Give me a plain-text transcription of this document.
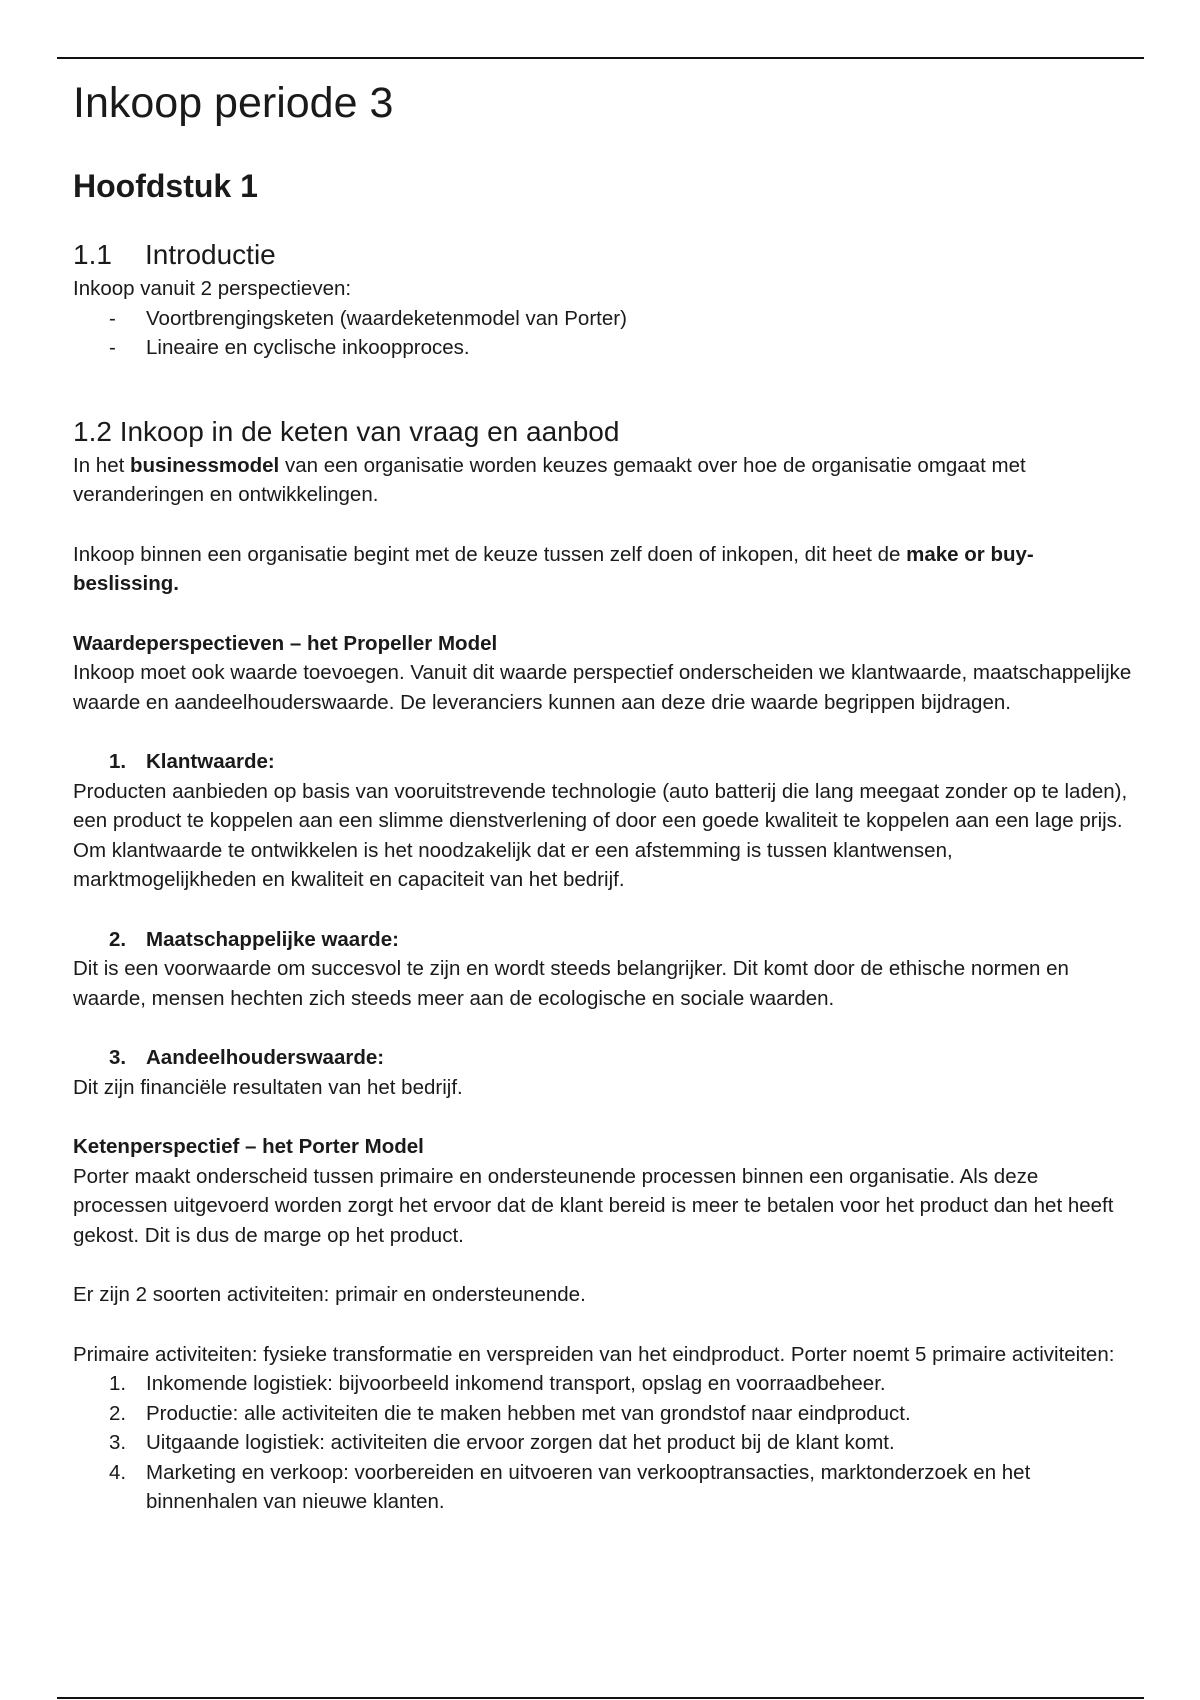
Inkoop periode 3
Hoofdstuk 1
1.1 Introductie

Inkoop vanuit 2 perspectieven:

- Voortbrengingsketen (waardeketenmodel van Porter)
- Lineaire en cyclische inkoopproces.
1.2 Inkoop in de keten van vraag en aanbod

In het businessmodel van een organisatie worden keuzes gemaakt over hoe de organisatie omgaat met veranderingen en ontwikkelingen.

Inkoop binnen een organisatie begint met de keuze tussen zelf doen of inkopen, dit heet de make or buy-beslissing.

Waardeperspectieven – het Propeller Model

Inkoop moet ook waarde toevoegen. Vanuit dit waarde perspectief onderscheiden we klantwaarde, maatschappelijke waarde en aandeelhouderswaarde. De leveranciers kunnen aan deze drie waarde begrippen bijdragen.

1. Klantwaarde:

Producten aanbieden op basis van vooruitstrevende technologie (auto batterij die lang meegaat zonder op te laden), een product te koppelen aan een slimme dienstverlening of door een goede kwaliteit te koppelen aan een lage prijs. Om klantwaarde te ontwikkelen is het noodzakelijk dat er een afstemming is tussen klantwensen, marktmogelijkheden en kwaliteit en capaciteit van het bedrijf.

2. Maatschappelijke waarde:

Dit is een voorwaarde om succesvol te zijn en wordt steeds belangrijker. Dit komt door de ethische normen en waarde, mensen hechten zich steeds meer aan de ecologische en sociale waarden.

3. Aandeelhouderswaarde:

Dit zijn financiële resultaten van het bedrijf.

Ketenperspectief – het Porter Model

Porter maakt onderscheid tussen primaire en ondersteunende processen binnen een organisatie. Als deze processen uitgevoerd worden zorgt het ervoor dat de klant bereid is meer te betalen voor het product dan het heeft gekost. Dit is dus de marge op het product.

Er zijn 2 soorten activiteiten: primair en ondersteunende.

Primaire activiteiten: fysieke transformatie en verspreiden van het eindproduct. Porter noemt 5 primaire activiteiten:

1. Inkomende logistiek: bijvoorbeeld inkomend transport, opslag en voorraadbeheer.
2. Productie: alle activiteiten die te maken hebben met van grondstof naar eindproduct.
3. Uitgaande logistiek: activiteiten die ervoor zorgen dat het product bij de klant komt.
4. Marketing en verkoop: voorbereiden en uitvoeren van verkooptransacties, marktonderzoek en het binnenhalen van nieuwe klanten.
